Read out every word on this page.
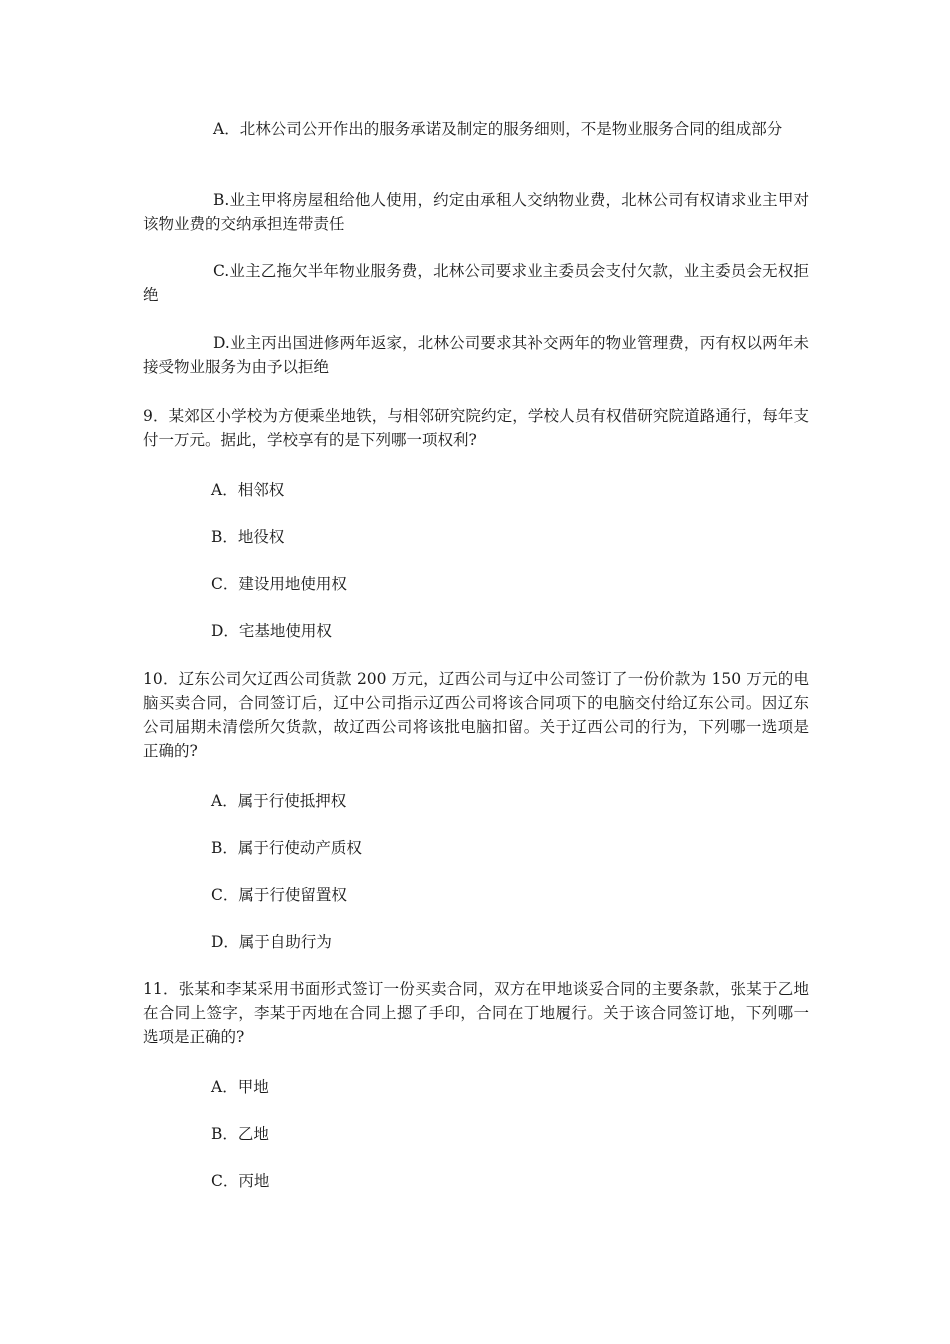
A．北林公司公开作出的服务承诺及制定的服务细则，不是物业服务合同的组成部分
B.业主甲将房屋租给他人使用，约定由承租人交纳物业费，北林公司有权请求业主甲对该物业费的交纳承担连带责任
C.业主乙拖欠半年物业服务费，北林公司要求业主委员会支付欠款，业主委员会无权拒绝
D.业主丙出国进修两年返家，北林公司要求其补交两年的物业管理费，丙有权以两年未接受物业服务为由予以拒绝
9．某郊区小学校为方便乘坐地铁，与相邻研究院约定，学校人员有权借研究院道路通行，每年支付一万元。据此，学校享有的是下列哪一项权利?
A．相邻权
B．地役权
C．建设用地使用权
D．宅基地使用权
10．辽东公司欠辽西公司货款 200 万元，辽西公司与辽中公司签订了一份价款为 150 万元的电脑买卖合同，合同签订后，辽中公司指示辽西公司将该合同项下的电脑交付给辽东公司。因辽东公司届期未清偿所欠货款，故辽西公司将该批电脑扣留。关于辽西公司的行为，下列哪一选项是正确的?
A．属于行使抵押权
B．属于行使动产质权
C．属于行使留置权
D．属于自助行为
11．张某和李某采用书面形式签订一份买卖合同，双方在甲地谈妥合同的主要条款，张某于乙地在合同上签字，李某于丙地在合同上摁了手印，合同在丁地履行。关于该合同签订地，下列哪一选项是正确的?
A．甲地
B．乙地
C．丙地
